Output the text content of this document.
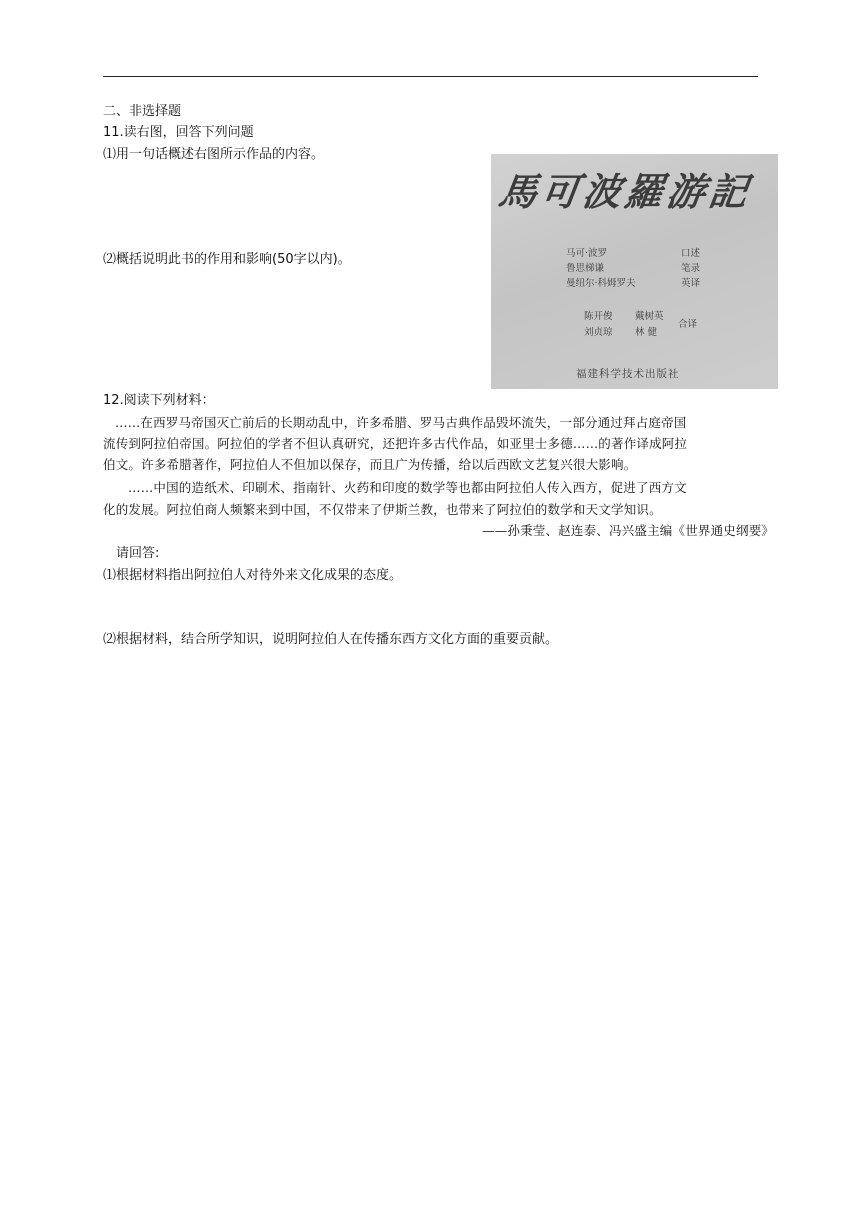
二、非选择题
11.读右图，回答下列问题
⑴用一句话概述右图所示作品的内容。
⑵概括说明此书的作用和影响(50字以内)。
馬可波羅游記
马可·波罗	口述
鲁思梯谦	笔录
曼纽尔·科姆罗夫	英译
陈开俊 戴树英
刘贞琼 林 健
合译
福建科学技术出版社
12.阅读下列材料：
……在西罗马帝国灭亡前后的长期动乱中，许多希腊、罗马古典作品毁坏流失，一部分通过拜占庭帝国
流传到阿拉伯帝国。阿拉伯的学者不但认真研究，还把许多古代作品，如亚里士多德……的著作译成阿拉
伯文。许多希腊著作，阿拉伯人不但加以保存，而且广为传播，给以后西欧文艺复兴很大影响。
……中国的造纸术、印刷术、指南针、火药和印度的数学等也都由阿拉伯人传入西方，促进了西方文
化的发展。阿拉伯商人频繁来到中国，不仅带来了伊斯兰教，也带来了阿拉伯的数学和天文学知识。
——孙秉莹、赵连泰、冯兴盛主编《世界通史纲要》
请回答:
⑴根据材料指出阿拉伯人对待外来文化成果的态度。
⑵根据材料，结合所学知识，说明阿拉伯人在传播东西方文化方面的重要贡献。
